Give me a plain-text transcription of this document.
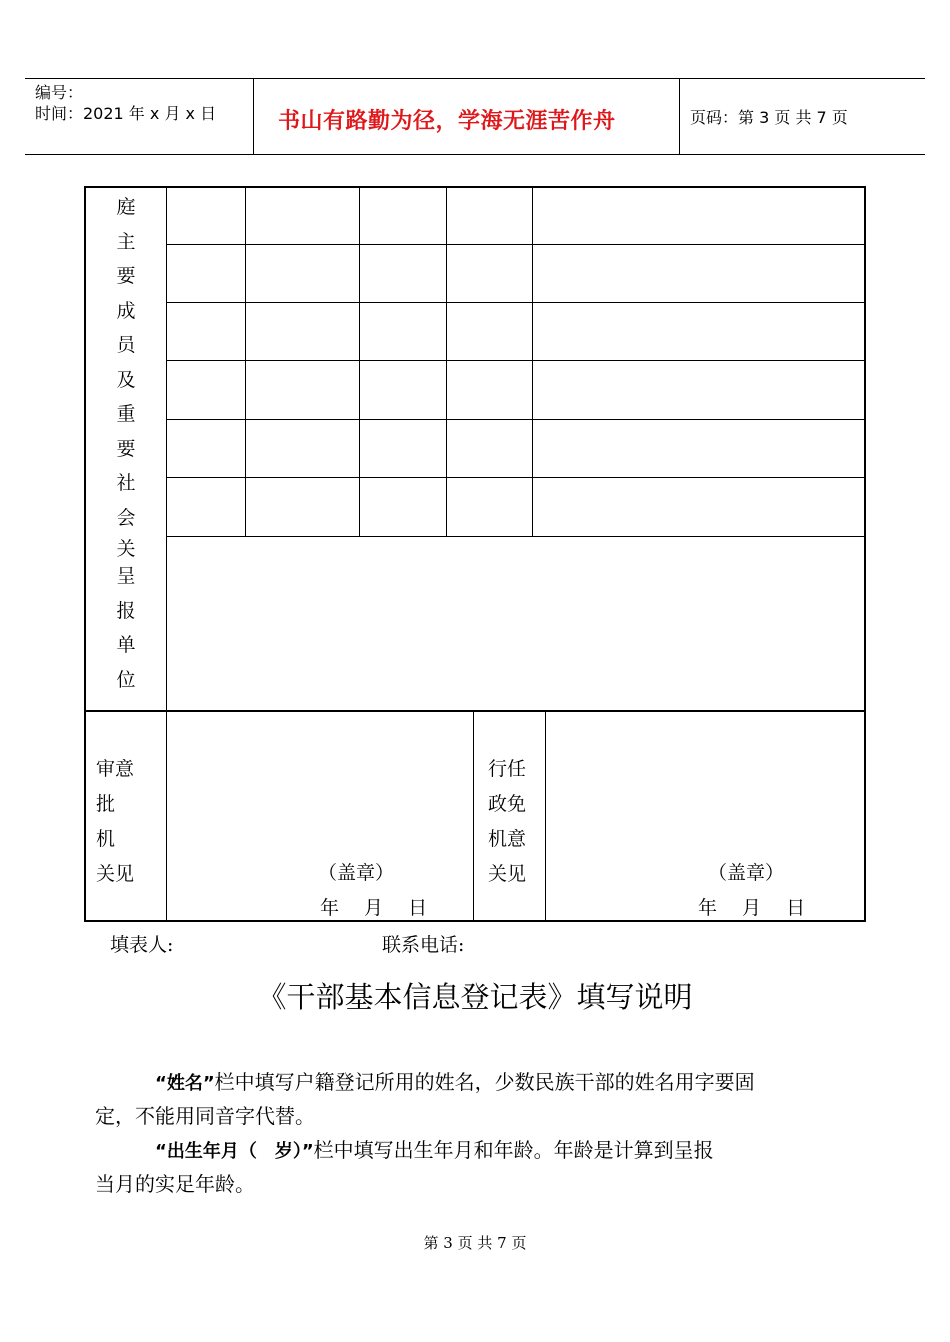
编号：
时间：2021 年 x 月 x 日	书山有路勤为径，学海无涯苦作舟	页码：第 3 页 共 7 页
庭
主
要
成
员
及
重
要
社
会
关
呈
报
单
位
审意
批
机
关见	（盖章）
年　 月　 日
行任
政免
机意
关见	（盖章）
年　 月　 日
填表人:	联系电话:
《干部基本信息登记表》填写说明
“姓名”栏中填写户籍登记所用的姓名，少数民族干部的姓名用字要固
定，不能用同音字代替。
“出生年月（　岁）”栏中填写出生年月和年龄。年龄是计算到呈报
当月的实足年龄。
第 3 页 共 7 页
